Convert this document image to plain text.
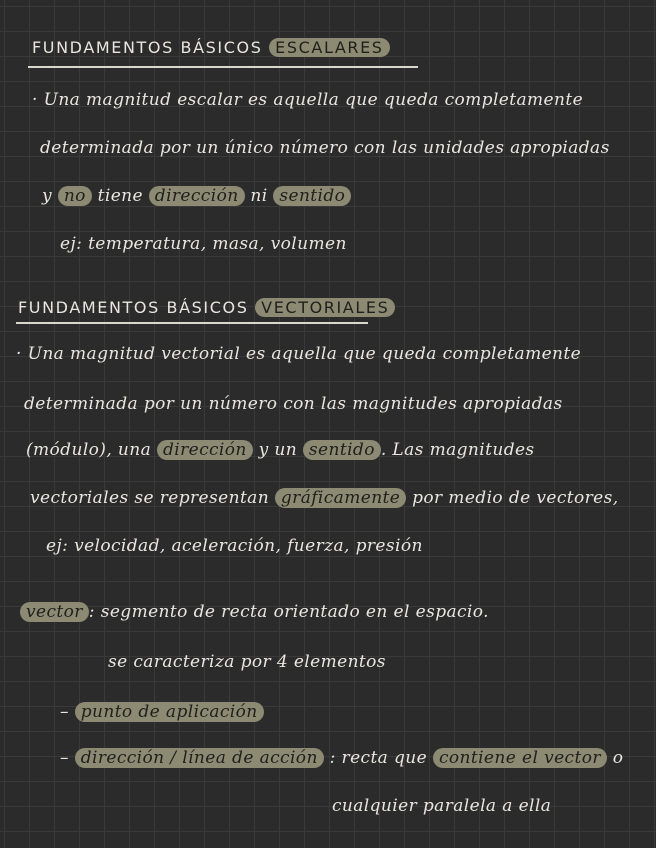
FUNDAMENTOS BÁSICOS ESCALARES
· Una magnitud escalar es aquella que queda completamente
determinada por un único número con las unidades apropiadas
y no tiene dirección ni sentido
ej: temperatura, masa, volumen
FUNDAMENTOS BÁSICOS VECTORIALES
· Una magnitud vectorial es aquella que queda completamente
determinada por un número con las magnitudes apropiadas
(módulo), una dirección y un sentido . Las magnitudes
vectoriales se representan gráficamente por medio de vectores,
ej: velocidad, aceleración, fuerza, presión
vector : segmento de recta orientado en el espacio.
se caracteriza por 4 elementos
– punto de aplicación
– dirección / línea de acción : recta que contiene el vector o
cualquier paralela a ella
